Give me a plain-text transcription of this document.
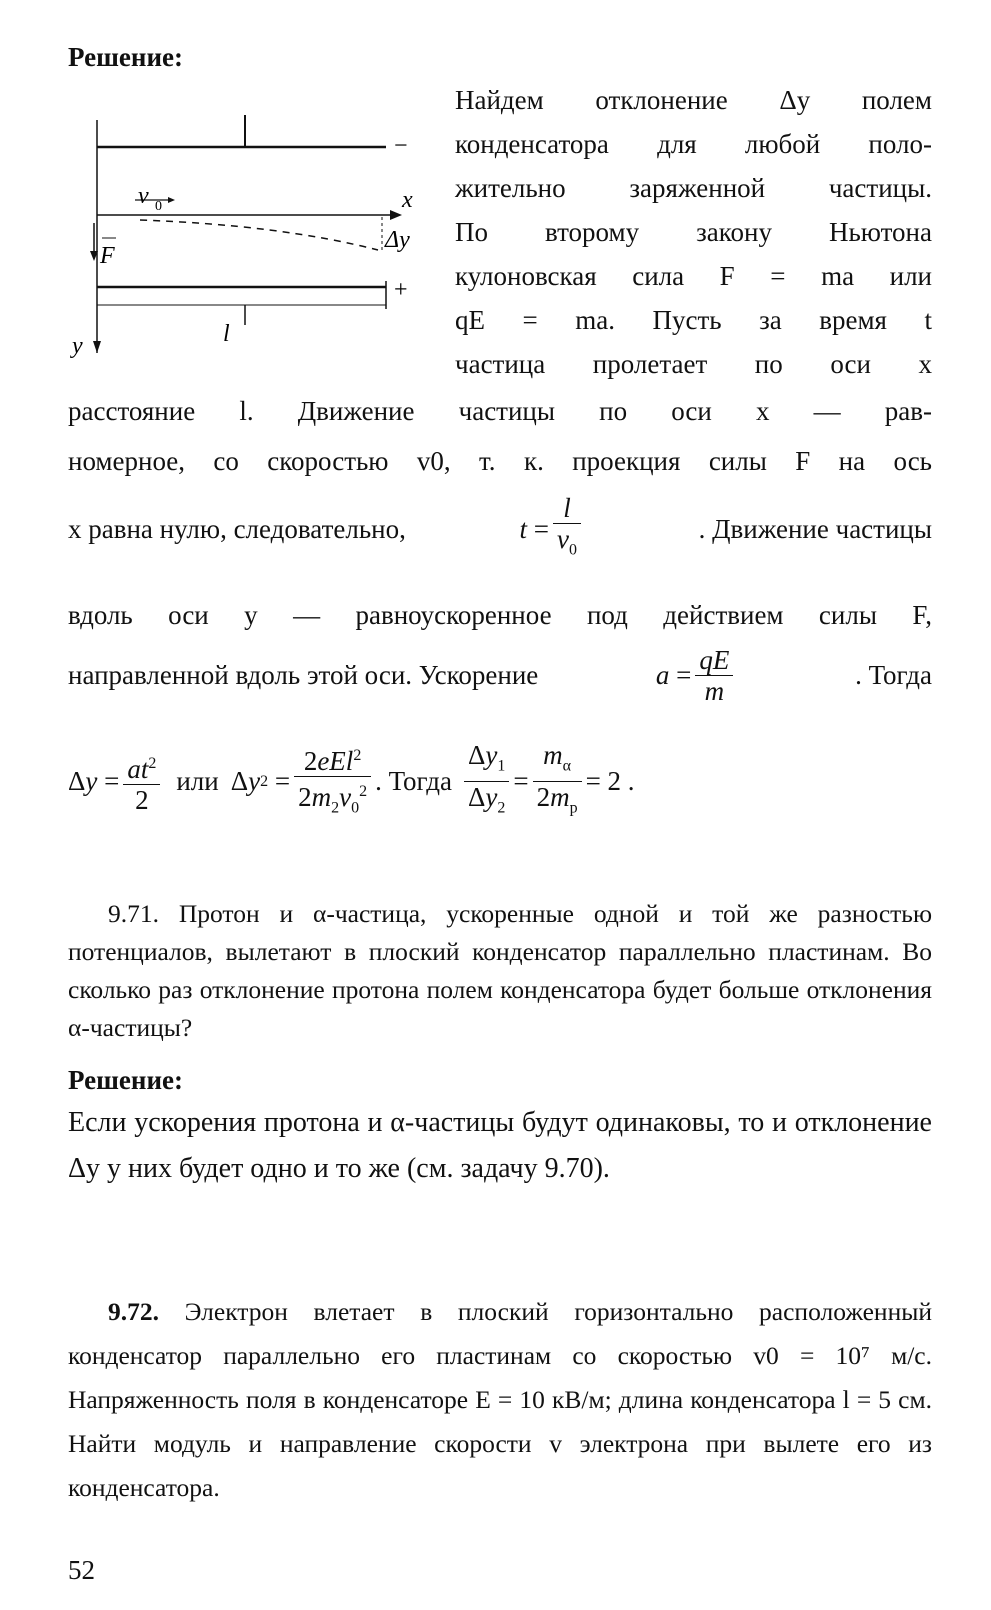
Решение:
−
x
v 0
Δy
F
+
l
y
Найдем отклонение Δy полем
конденсатора для любой поло-
жительно заряженной частицы.
По второму закону Ньютона
кулоновская сила F = ma или
qE = ma. Пусть за время t
частица пролетает по оси x
расстояние l. Движение частицы по оси x — рав-
номерное, со скоростью v0, т. к. проекция силы F на ось
x равна нулю, следовательно,	$t = \frac{l}{v_0}$	. Движение частицы
вдоль оси y — равноускоренное под действием силы F,
направленной вдоль этой оси. Ускорение	$a = \frac{qE}{m}$	. Тогда
Δ $y = \frac{at^2}{2}$ или Δ y $2 = \frac{2eEl^2}{2m_2v_0^2}$ . Тогда $\frac{\Delta y_1}{\Delta y_2} = \frac{m_\alpha}{2m_p} = 2$ .
9.71. Протон и α-частица, ускоренные одной и той же разностью потенциалов, вылетают в плоский конденсатор параллельно пластинам. Во сколько раз отклонение протона полем конденсатора будет больше отклонения α-частицы?
Решение:
Если ускорения протона и α-частицы будут одинаковы, то и отклонение Δy у них будет одно и то же (см. задачу 9.70).
9.72. Электрон влетает в плоский горизонтально расположенный конденсатор параллельно его пластинам со скоростью v0 = 10⁷ м/с. Напряженность поля в конденсаторе E = 10 кВ/м; длина конденсатора l = 5 см. Найти модуль и направление скорости v электрона при вылете его из конденсатора.
52
